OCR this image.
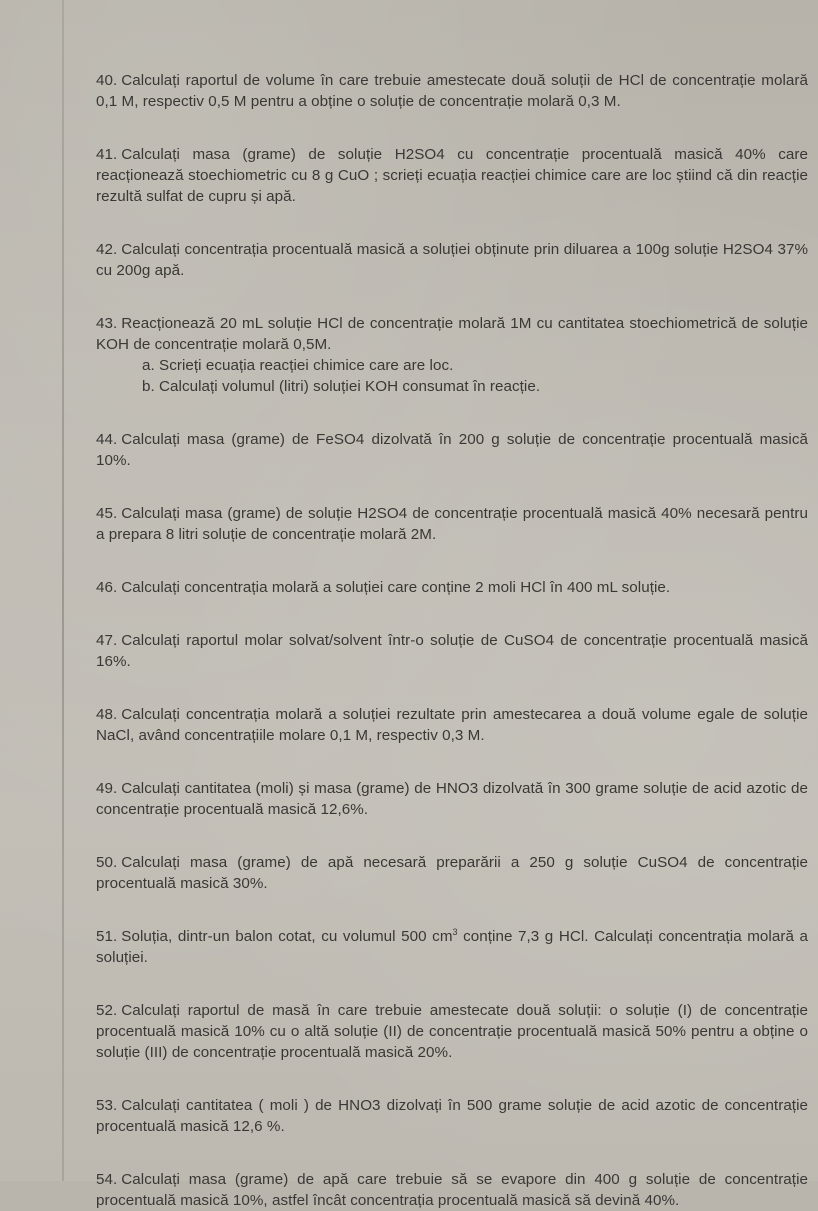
40. Calculați raportul de volume în care trebuie amestecate două soluții de HCl de concentrație molară 0,1 M, respectiv 0,5 M pentru a obține o soluție de concentrație molară 0,3 M.

41. Calculați masa (grame) de soluție H2SO4 cu concentrație procentuală masică 40% care reacționează stoechiometric cu 8 g CuO ; scrieți ecuația reacției chimice care are loc știind că din reacție rezultă sulfat de cupru și apă.

42. Calculați concentrația procentuală masică a soluției obținute prin diluarea a 100g soluție H2SO4 37% cu 200g apă.

43. Reacționează 20 mL soluție HCl de concentrație molară 1M cu cantitatea stoechiometrică de soluție KOH de concentrație molară 0,5M.

a. Scrieți ecuația reacției chimice care are loc.

b. Calculați volumul (litri) soluției KOH consumat în reacție.

44. Calculați masa (grame) de FeSO4 dizolvată în 200 g soluție de concentrație procentuală masică 10%.

45. Calculați masa (grame) de soluție H2SO4 de concentrație procentuală masică 40% necesară pentru a prepara 8 litri soluție de concentrație molară 2M.

46. Calculați concentrația molară a soluției care conține 2 moli HCl în 400 mL soluție.

47. Calculați raportul molar solvat/solvent într-o soluție de CuSO4 de concentrație procentuală masică 16%.

48. Calculați concentrația molară a soluției rezultate prin amestecarea a două volume egale de soluție NaCl, având concentrațiile molare 0,1 M, respectiv 0,3 M.

49. Calculați cantitatea (moli) și masa (grame) de HNO3 dizolvată în 300 grame soluție de acid azotic de concentrație procentuală masică 12,6%.

50. Calculați masa (grame) de apă necesară preparării a 250 g soluție CuSO4 de concentrație procentuală masică 30%.

51. Soluția, dintr-un balon cotat, cu volumul 500 $cm^3$ conține 7,3 g HCl. Calculați concentrația molară a soluției.

52. Calculați raportul de masă în care trebuie amestecate două soluții: o soluție (I) de concentrație procentuală masică 10% cu o altă soluție (II) de concentrație procentuală masică 50% pentru a obține o soluție (III) de concentrație procentuală masică 20%.

53. Calculați cantitatea ( moli ) de HNO3 dizolvați în 500 grame soluție de acid azotic de concentrație procentuală masică 12,6 %.

54. Calculați masa (grame) de apă care trebuie să se evapore din 400 g soluție de concentrație procentuală masică 10%, astfel încât concentrația procentuală masică să devină 40%.
